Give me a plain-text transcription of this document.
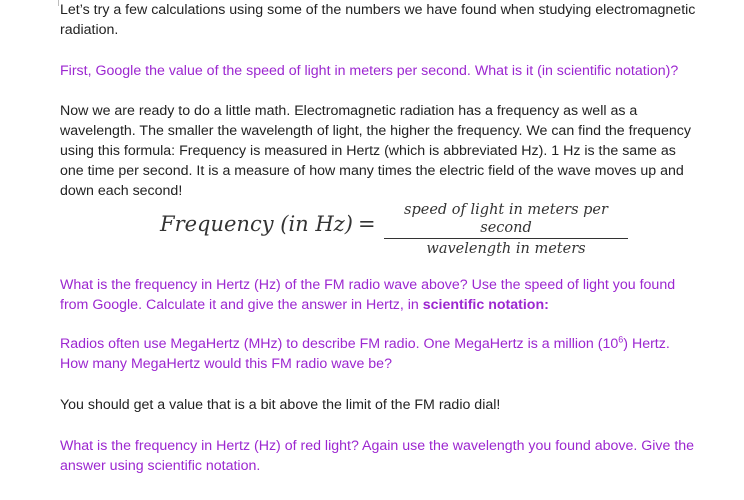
Let’s try a few calculations using some of the numbers we have found when studying electromagnetic radiation.

First, Google the value of the speed of light in meters per second. What is it (in scientific notation)?

Now we are ready to do a little math. Electromagnetic radiation has a frequency as well as a wavelength. The smaller the wavelength of light, the higher the frequency. We can find the frequency using this formula: Frequency is measured in Hertz (which is abbreviated Hz). 1 Hz is the same as one time per second. It is a measure of how many times the electric field of the wave moves up and down each second!

Frequency (in Hz) =
speed of light in meters per second
wavelength in meters

What is the frequency in Hertz (Hz) of the FM radio wave above? Use the speed of light you found from Google. Calculate it and give the answer in Hertz, in scientific notation:

Radios often use MegaHertz (MHz) to describe FM radio. One MegaHertz is a million $(10^6)$ Hertz. How many MegaHertz would this FM radio wave be?

You should get a value that is a bit above the limit of the FM radio dial!

What is the frequency in Hertz (Hz) of red light? Again use the wavelength you found above. Give the answer using scientific notation.
